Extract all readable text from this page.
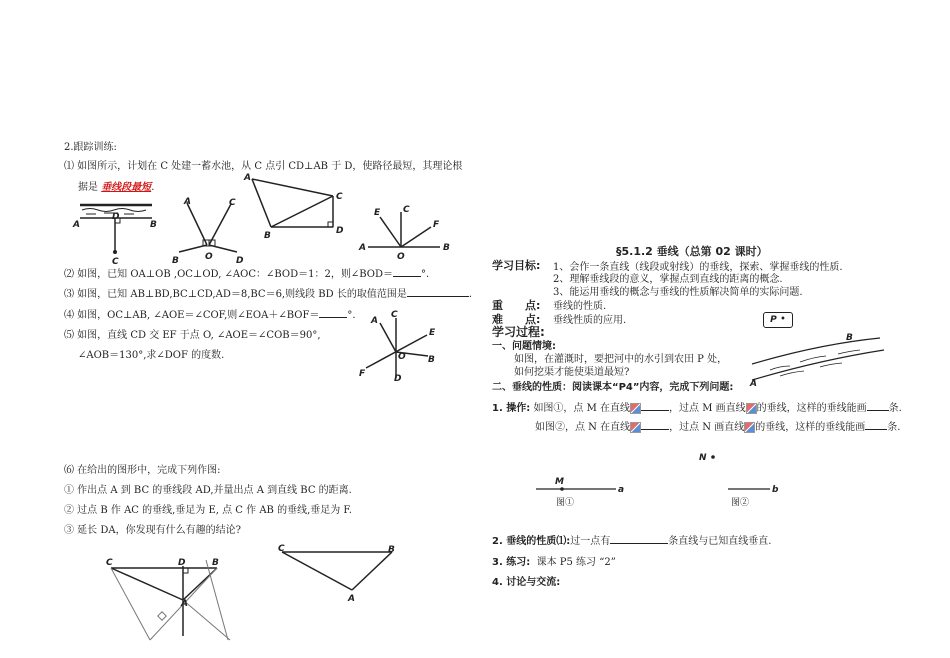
2.跟踪训练:
⑴ 如图所示，计划在 C 处建一蓄水池，从 C 点引 CD⊥AB 于 D，使路径最短，其理论根
据是 垂线段最短.
A
D
B
C
A	C
B	D
O
A
C
B	D
A
E	C
F
O
B
A
C
E
O B
F	D
C	D	B
A
C	B
A
⑵ 如图，已知 OA⊥OB ,OC⊥OD, ∠AOC：∠BOD＝1：2，则∠BOD＝	°.
⑶ 如图，已知 AB⊥BD,BC⊥CD,AD＝8,BC＝6,则线段 BD 长的取值范围是	.
⑷ 如图，OC⊥AB, ∠AOE＝∠COF,则∠EOA＋∠BOF＝	°.
⑸ 如图，直线 CD 交 EF 于点 O, ∠AOE＝∠COB＝90°,
∠AOB＝130°,求∠DOF 的度数.
⑹ 在给出的图形中，完成下列作图:
① 作出点 A 到 BC 的垂线段 AD,并量出点 A 到直线 BC 的距离.
② 过点 B 作 AC 的垂线,垂足为 E, 点 C 作 AB 的垂线,垂足为 F.
③ 延长 DA，你发现有什么有趣的结论?
§5.1.2 垂线（总第 02 课时）
学习目标: 1、会作一条直线（线段或射线）的垂线，探索、掌握垂线的性质.
2、理解垂线段的意义，掌握点到直线的距离的概念.
3、能运用垂线的概念与垂线的性质解决简单的实际问题.
重　　点: 垂线的性质.
难　　点: 垂线性质的应用.	P •
学习过程:
一、问题情境:
如图，在灌溉时，要把河中的水引到农田 P 处，
如何挖渠才能使渠道最短?
A
B
二、垂线的性质：阅读课本“P4”内容，完成下列问题:
1. 操作: 如图①，点 M 在直线	，过点 M 画直线 的垂线，这样的垂线能画 条.
如图②，点 N 在直线	，过点 N 画直线 的垂线，这样的垂线能画 条.
M
a	b
N
图①	图②
2. 垂线的性质⑴:过一点有	条直线与已知直线垂直.
3. 练习: 课本 P5 练习 “2”
4. 讨论与交流:
